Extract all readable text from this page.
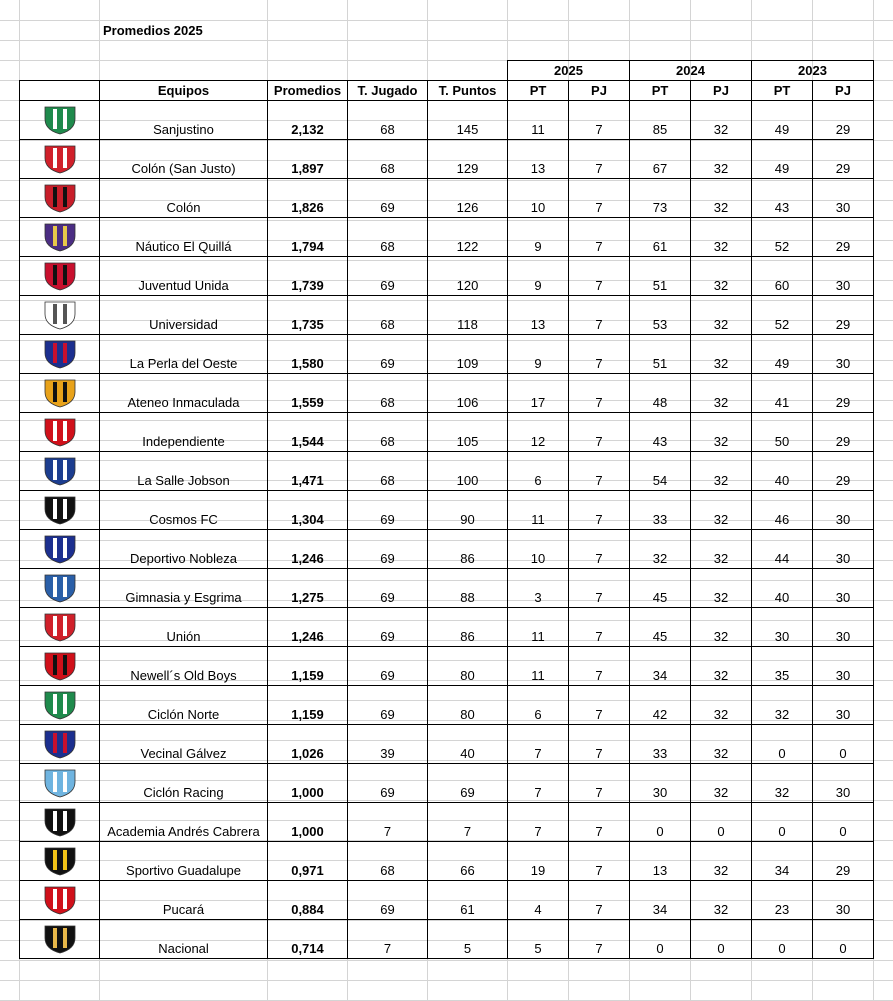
Promedios 2025
					2025		2024		2023	
	Equipos	Promedios	T. Jugado	T. Puntos	PT	PJ	PT	PJ	PT	PJ

	Sanjustino	2,132	68	145	11	7	85	32	49	29

	Colón (San Justo)	1,897	68	129	13	7	67	32	49	29

	Colón	1,826	69	126	10	7	73	32	43	30

	Náutico El Quillá	1,794	68	122	9	7	61	32	52	29

	Juventud Unida	1,739	69	120	9	7	51	32	60	30

	Universidad	1,735	68	118	13	7	53	32	52	29

	La Perla del Oeste	1,580	69	109	9	7	51	32	49	30

	Ateneo Inmaculada	1,559	68	106	17	7	48	32	41	29

	Independiente	1,544	68	105	12	7	43	32	50	29

	La Salle Jobson	1,471	68	100	6	7	54	32	40	29

	Cosmos FC	1,304	69	90	11	7	33	32	46	30

	Deportivo Nobleza	1,246	69	86	10	7	32	32	44	30

	Gimnasia y Esgrima	1,275	69	88	3	7	45	32	40	30

	Unión	1,246	69	86	11	7	45	32	30	30

	Newell´s Old Boys	1,159	69	80	11	7	34	32	35	30

	Ciclón Norte	1,159	69	80	6	7	42	32	32	30

	Vecinal Gálvez	1,026	39	40	7	7	33	32	0	0

	Ciclón Racing	1,000	69	69	7	7	30	32	32	30

	Academia Andrés Cabrera	1,000	7	7	7	7	0	0	0	0

	Sportivo Guadalupe	0,971	68	66	19	7	13	32	34	29

	Pucará	0,884	69	61	4	7	34	32	23	30

	Nacional	0,714	7	5	5	7	0	0	0	0
